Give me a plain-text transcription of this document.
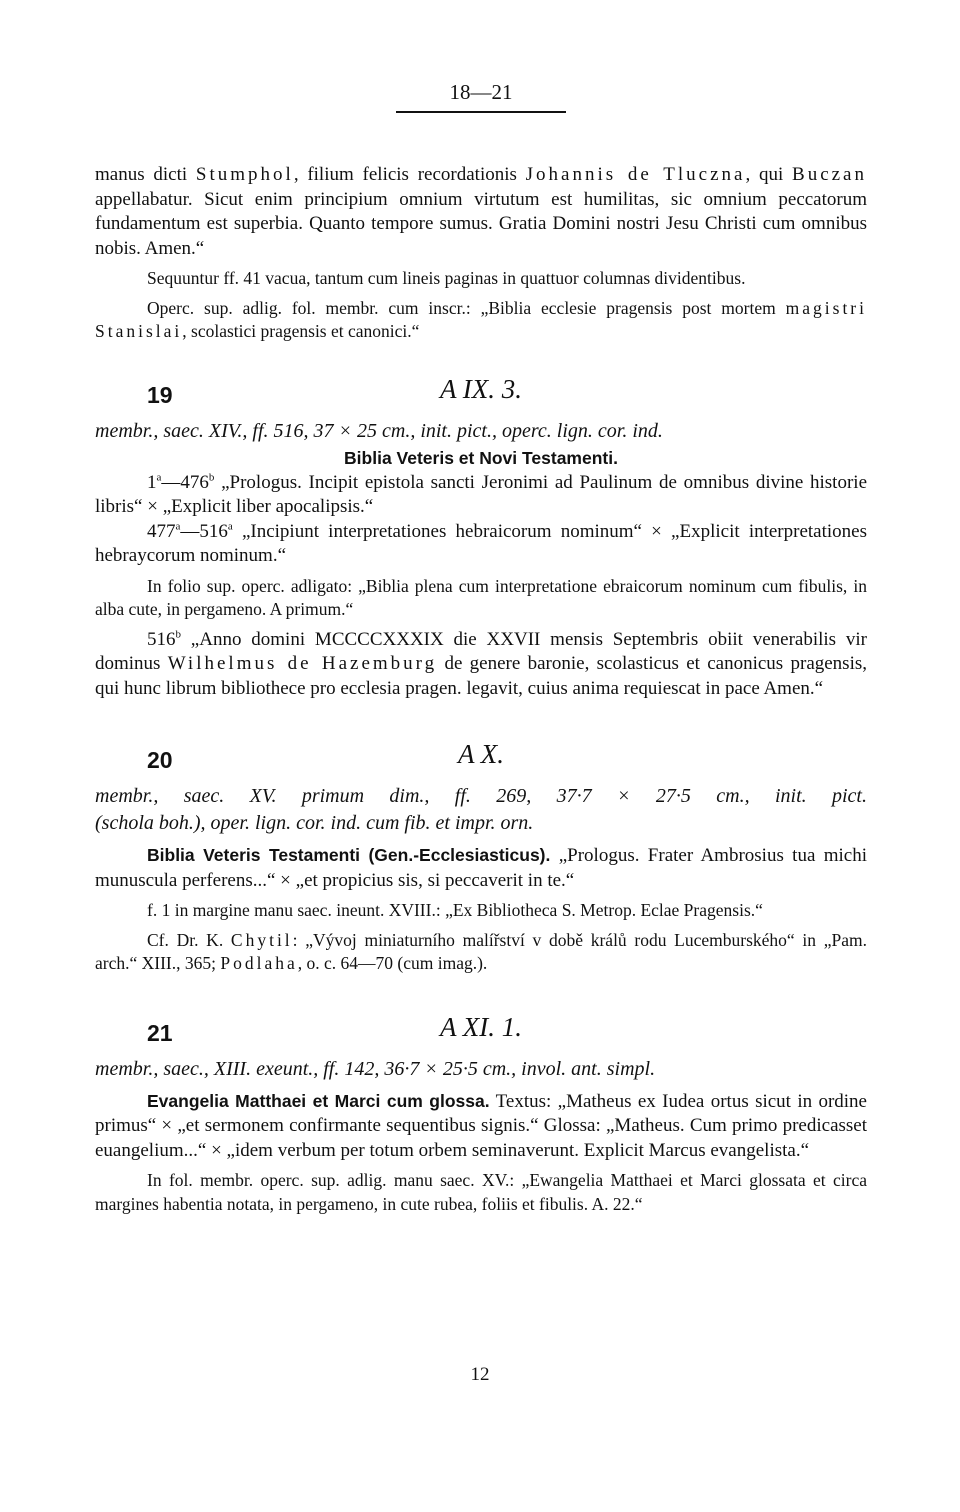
18—21

manus dicti Stumphol, filium felicis recordationis Johannis de Tluczna, qui Buczan appellabatur. Sicut enim principium omnium virtutum est humilitas, sic omnium peccatorum fundamentum est superbia. Quanto tempore sumus. Gratia Domini nostri Jesu Christi cum omnibus nobis. Amen.“

Sequuntur ff. 41 vacua, tantum cum lineis paginas in quattuor columnas dividentibus.

Operc. sup. adlig. fol. membr. cum inscr.: „Biblia ecclesie pragensis post mortem magistri Stanislai, scolastici pragensis et canonici.“

19	A IX. 3.

membr., saec. XIV., ff. 516, 37 × 25 cm., init. pict., operc. lign. cor. ind.

Biblia Veteris et Novi Testamenti.

1$^a$—476$^b$ „Prologus. Incipit epistola sancti Jeronimi ad Paulinum de omnibus divine historie libris“ × „Explicit liber apocalipsis.“

477$^a$—516$^a$ „Incipiunt interpretationes hebraicorum nominum“ × „Explicit interpretationes hebraycorum nominum.“

In folio sup. operc. adligato: „Biblia plena cum interpretatione ebraicorum nominum cum fibulis, in alba cute, in pergameno. A primum.“

516$^b$ „Anno domini MCCCCXXXIX die XXVII mensis Septembris obiit venerabilis vir dominus Wilhelmus de Hazemburg de genere baronie, scolasticus et canonicus pragensis, qui hunc librum bibliothece pro ecclesia pragen. legavit, cuius anima requiescat in pace Amen.“

20	A X.

membr., saec. XV. primum dim., ff. 269, 37·7 × 27·5 cm., init. pict.

(schola boh.), oper. lign. cor. ind. cum fib. et impr. orn.

Biblia Veteris Testamenti (Gen.-Ecclesiasticus). „Prologus. Frater Ambrosius tua michi munuscula perferens...“ × „et propicius sis, si peccaverit in te.“

f. 1 in margine manu saec. ineunt. XVIII.: „Ex Bibliotheca S. Metrop. Eclae Pragensis.“

Cf. Dr. K. Chytil: „Vývoj miniaturního malířství v době králů rodu Lucemburského“ in „Pam. arch.“ XIII., 365; Podlaha, o. c. 64—70 (cum imag.).

21	A XI. 1.

membr., saec., XIII. exeunt., ff. 142, 36·7 × 25·5 cm., invol. ant. simpl.

Evangelia Matthaei et Marci cum glossa. Textus: „Matheus ex Iudea ortus sicut in ordine primus“ × „et sermonem confirmante sequentibus signis.“ Glossa: „Matheus. Cum primo predicasset euangelium...“ × „idem verbum per totum orbem seminaverunt. Explicit Marcus evangelista.“

In fol. membr. operc. sup. adlig. manu saec. XV.: „Ewangelia Matthaei et Marci glossata et circa margines habentia notata, in pergameno, in cute rubea, foliis et fibulis. A. 22.“

12
